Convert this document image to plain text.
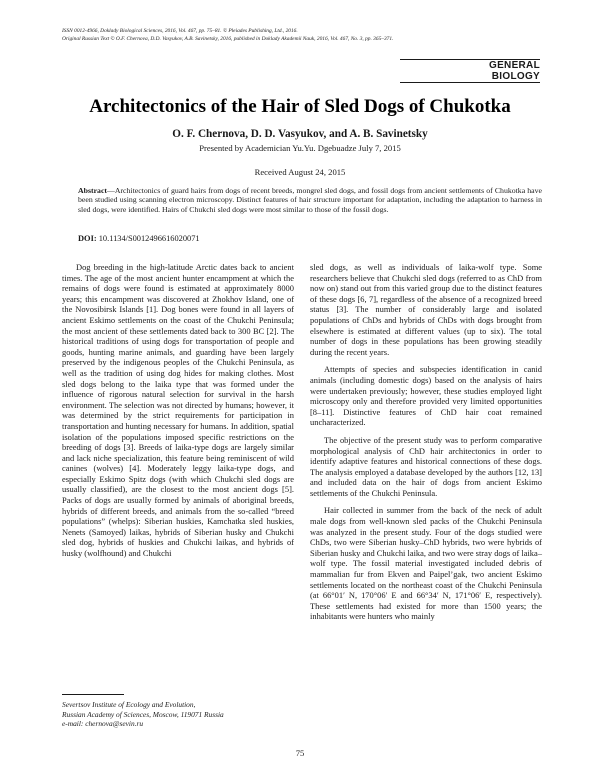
ISSN 0012-4966, Doklady Biological Sciences, 2016, Vol. 467, pp. 75–81. © Pleiades Publishing, Ltd., 2016.
Original Russian Text © O.F. Chernova, D.D. Vasyukov, A.B. Savinetsky, 2016, published in Doklady Akademii Nauk, 2016, Vol. 467, No. 3, pp. 365–371.
GENERAL
BIOLOGY
Architectonics of the Hair of Sled Dogs of Chukotka
O. F. Chernova, D. D. Vasyukov, and A. B. Savinetsky
Presented by Academician Yu.Yu. Dgebuadze July 7, 2015
Received August 24, 2015
Abstract—Architectonics of guard hairs from dogs of recent breeds, mongrel sled dogs, and fossil dogs from ancient settlements of Chukotka have been studied using scanning electron microscopy. Distinct features of hair structure important for adaptation, including the adaptation to harness in sled dogs, were identified. Hairs of Chukchi sled dogs were most similar to those of the fossil dogs.
DOI: 10.1134/S0012496616020071

Dog breeding in the high-latitude Arctic dates back to ancient times. The age of the most ancient hunter encampment at which the remains of dogs were found is estimated at approximately 8000 years; this encampment was discovered at Zhokhov Island, one of the Novosibirsk Islands [1]. Dog bones were found in all layers of ancient Eskimo settlements on the coast of the Chukchi Peninsula; the most ancient of these settlements dated back to 300 BC [2]. The historical traditions of using dogs for transportation of people and goods, hunting marine animals, and guarding have been largely preserved by the indigenous peoples of the Chukchi Peninsula, as well as the tradition of using dog hides for making clothes. Most sled dogs belong to the laika type that was formed under the influence of rigorous natural selection for survival in the harsh environment. The selection was not directed by humans; however, it was determined by the strict requirements for participation in transportation and hunting necessary for humans. In addition, spatial isolation of the populations imposed specific restrictions on the breeding of dogs [3]. Breeds of laika-type dogs are largely similar and lack niche specialization, this feature being reminiscent of wild canines (wolves) [4]. Moderately leggy laika-type dogs, and especially Eskimo Spitz dogs (with which Chukchi sled dogs are usually classified), are the closest to the most ancient dogs [5]. Packs of dogs are usually formed by animals of aboriginal breeds, hybrids of different breeds, and animals from the so-called “breed populations” (whelps): Siberian huskies, Kamchatka sled huskies, Nenets (Samoyed) laikas, hybrids of Siberian husky and Chukchi sled dog, hybrids of huskies and Chukchi laikas, and hybrids of husky (wolfhound) and Chukchi

sled dogs, as well as individuals of laika-wolf type. Some researchers believe that Chukchi sled dogs (referred to as ChD from now on) stand out from this varied group due to the distinct features of these dogs [6, 7], regardless of the absence of a recognized breed status [3]. The number of considerably large and isolated populations of ChDs and hybrids of ChDs with dogs brought from elsewhere is estimated at different values (up to six). The total number of dogs in these populations has been growing steadily during the recent years.

Attempts of species and subspecies identification in canid animals (including domestic dogs) based on the analysis of hairs were undertaken previously; however, these studies employed light microscopy only and therefore provided very limited opportunities [8–11]. Distinctive features of ChD hair coat remained uncharacterized.

The objective of the present study was to perform comparative morphological analysis of ChD hair architectonics in order to identify adaptive features and historical connections of these dogs. The analysis employed a database developed by the authors [12, 13] and included data on the hair of dogs from ancient Eskimo settlements of the Chukchi Peninsula.

Hair collected in summer from the back of the neck of adult male dogs from well-known sled packs of the Chukchi Peninsula was analyzed in the present study. Four of the dogs studied were ChDs, two were Siberian husky–ChD hybrids, two were hybrids of Siberian husky and Chukchi laika, and two were stray dogs of laika–wolf type. The fossil material investigated included debris of mammalian fur from Ekven and Paipel’gak, two ancient Eskimo settlements located on the northeast coast of the Chukchi Peninsula (at 66°01′ N, 170°06′ E and 66°34′ N, 171°06′ E, respectively). These settlements had existed for more than 1500 years; the inhabitants were hunters who mainly

Severtsov Institute of Ecology and Evolution,
Russian Academy of Sciences, Moscow, 119071 Russia
e-mail: chernova@sevin.ru
75
